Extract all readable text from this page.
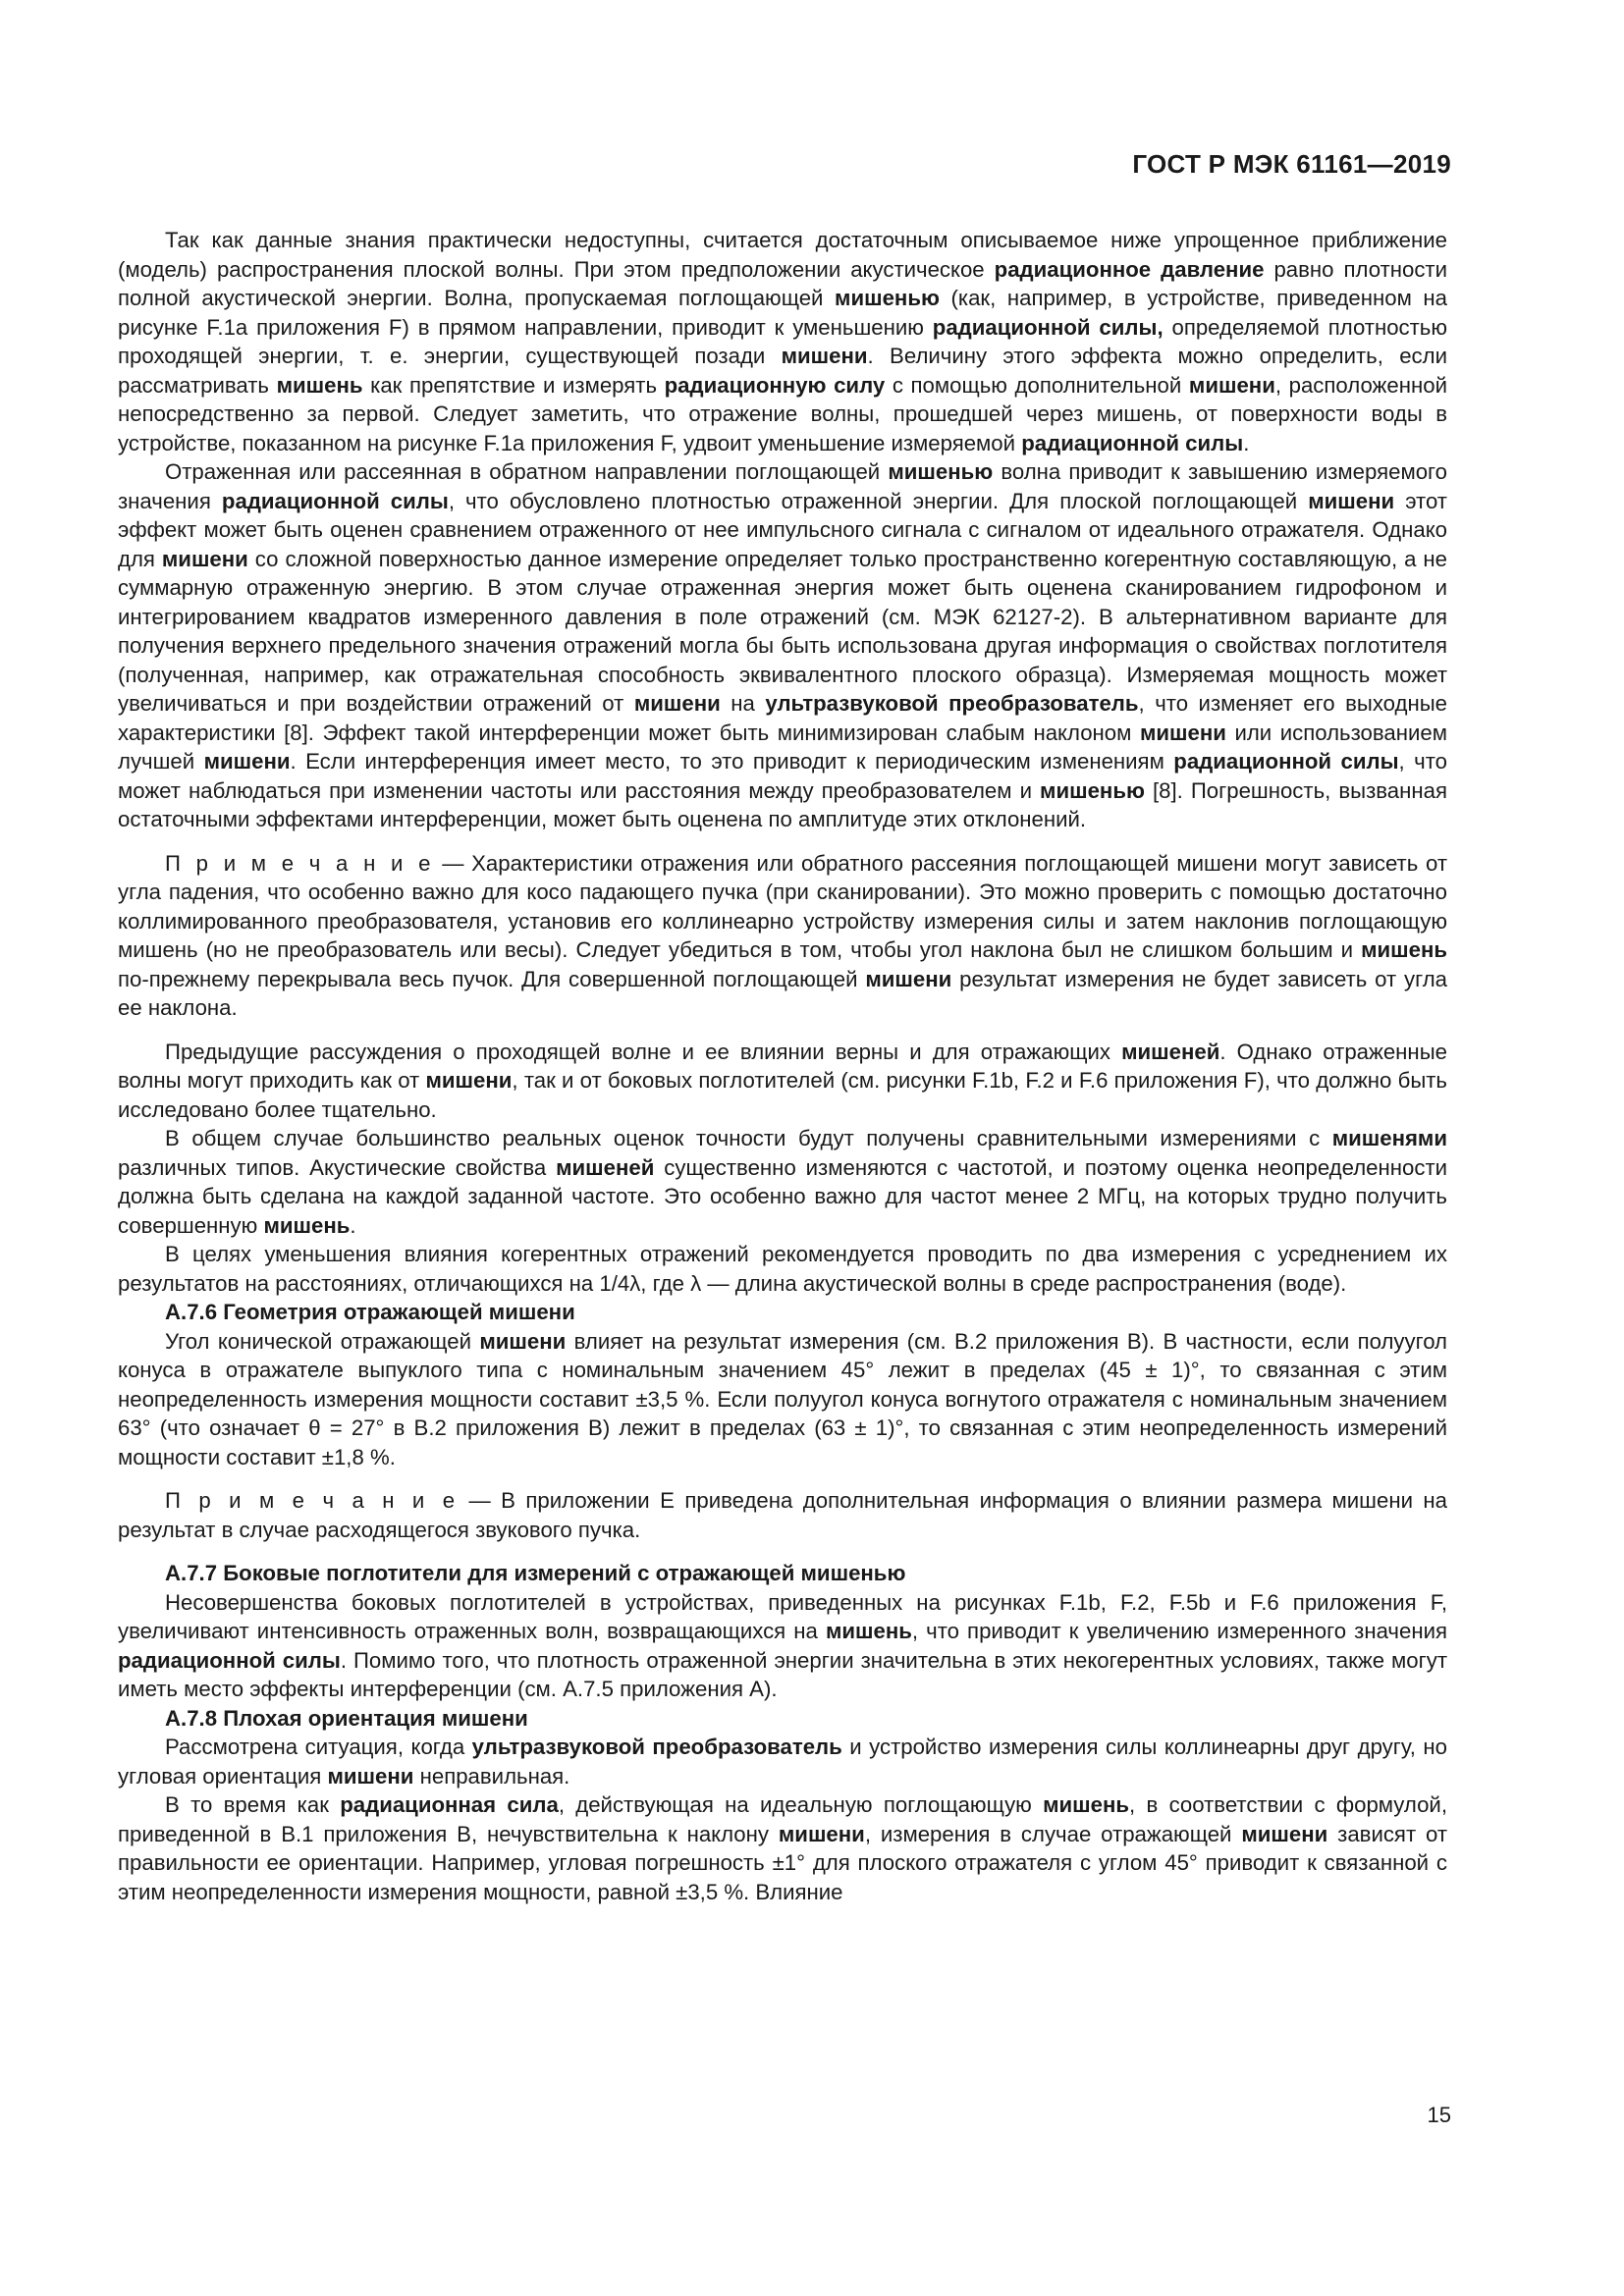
ГОСТ Р МЭК 61161—2019

Так как данные знания практически недоступны, считается достаточным описываемое ниже упрощенное приближение (модель) распространения плоской волны. При этом предположении акустическое радиационное давление равно плотности полной акустической энергии. Волна, пропускаемая поглощающей мишенью (как, например, в устройстве, приведенном на рисунке F.1а приложения F) в прямом направлении, приводит к уменьшению радиационной силы, определяемой плотностью проходящей энергии, т. е. энергии, существующей позади мишени. Величину этого эффекта можно определить, если рассматривать мишень как препятствие и измерять радиационную силу с помощью дополнительной мишени, расположенной непосредственно за первой. Следует заметить, что отражение волны, прошедшей через мишень, от поверхности воды в устройстве, показанном на рисунке F.1а приложения F, удвоит уменьшение измеряемой радиационной силы.

Отраженная или рассеянная в обратном направлении поглощающей мишенью волна приводит к завышению измеряемого значения радиационной силы, что обусловлено плотностью отраженной энергии. Для плоской поглощающей мишени этот эффект может быть оценен сравнением отраженного от нее импульсного сигнала с сигналом от идеального отражателя. Однако для мишени со сложной поверхностью данное измерение определяет только пространственно когерентную составляющую, а не суммарную отраженную энергию. В этом случае отраженная энергия может быть оценена сканированием гидрофоном и интегрированием квадратов измеренного давления в поле отражений (см. МЭК 62127-2). В альтернативном варианте для получения верхнего предельного значения отражений могла бы быть использована другая информация о свойствах поглотителя (полученная, например, как отражательная способность эквивалентного плоского образца). Измеряемая мощность может увеличиваться и при воздействии отражений от мишени на ультразвуковой преобразователь, что изменяет его выходные характеристики [8]. Эффект такой интерференции может быть минимизирован слабым наклоном мишени или использованием лучшей мишени. Если интерференция имеет место, то это приводит к периодическим изменениям радиационной силы, что может наблюдаться при изменении частоты или расстояния между преобразователем и мишенью [8]. Погрешность, вызванная остаточными эффектами интерференции, может быть оценена по амплитуде этих отклонений.

П р и м е ч а н и е — Характеристики отражения или обратного рассеяния поглощающей мишени могут зависеть от угла падения, что особенно важно для косо падающего пучка (при сканировании). Это можно проверить с помощью достаточно коллимированного преобразователя, установив его коллинеарно устройству измерения силы и затем наклонив поглощающую мишень (но не преобразователь или весы). Следует убедиться в том, чтобы угол наклона был не слишком большим и мишень по-прежнему перекрывала весь пучок. Для совершенной поглощающей мишени результат измерения не будет зависеть от угла ее наклона.

Предыдущие рассуждения о проходящей волне и ее влиянии верны и для отражающих мишеней. Однако отраженные волны могут приходить как от мишени, так и от боковых поглотителей (см. рисунки F.1b, F.2 и F.6 приложения F), что должно быть исследовано более тщательно.

В общем случае большинство реальных оценок точности будут получены сравнительными измерениями с мишенями различных типов. Акустические свойства мишеней существенно изменяются с частотой, и поэтому оценка неопределенности должна быть сделана на каждой заданной частоте. Это особенно важно для частот менее 2 МГц, на которых трудно получить совершенную мишень.

В целях уменьшения влияния когерентных отражений рекомендуется проводить по два измерения с усреднением их результатов на расстояниях, отличающихся на 1/4λ, где λ — длина акустической волны в среде распространения (воде).

А.7.6 Геометрия отражающей мишени

Угол конической отражающей мишени влияет на результат измерения (см. В.2 приложения В). В частности, если полуугол конуса в отражателе выпуклого типа с номинальным значением 45° лежит в пределах (45 ± 1)°, то связанная с этим неопределенность измерения мощности составит ±3,5 %. Если полуугол конуса вогнутого отражателя с номинальным значением 63° (что означает θ = 27° в В.2 приложения В) лежит в пределах (63 ± 1)°, то связанная с этим неопределенность измерений мощности составит ±1,8 %.

П р и м е ч а н и е — В приложении Е приведена дополнительная информация о влиянии размера мишени на результат в случае расходящегося звукового пучка.

А.7.7 Боковые поглотители для измерений с отражающей мишенью

Несовершенства боковых поглотителей в устройствах, приведенных на рисунках F.1b, F.2, F.5b и F.6 приложения F, увеличивают интенсивность отраженных волн, возвращающихся на мишень, что приводит к увеличению измеренного значения радиационной силы. Помимо того, что плотность отраженной энергии значительна в этих некогерентных условиях, также могут иметь место эффекты интерференции (см. А.7.5 приложения А).

А.7.8 Плохая ориентация мишени

Рассмотрена ситуация, когда ультразвуковой преобразователь и устройство измерения силы коллинеарны друг другу, но угловая ориентация мишени неправильная.

В то время как радиационная сила, действующая на идеальную поглощающую мишень, в соответствии с формулой, приведенной в В.1 приложения В, нечувствительна к наклону мишени, измерения в случае отражающей мишени зависят от правильности ее ориентации. Например, угловая погрешность ±1° для плоского отражателя с углом 45° приводит к связанной с этим неопределенности измерения мощности, равной ±3,5 %. Влияние

15
